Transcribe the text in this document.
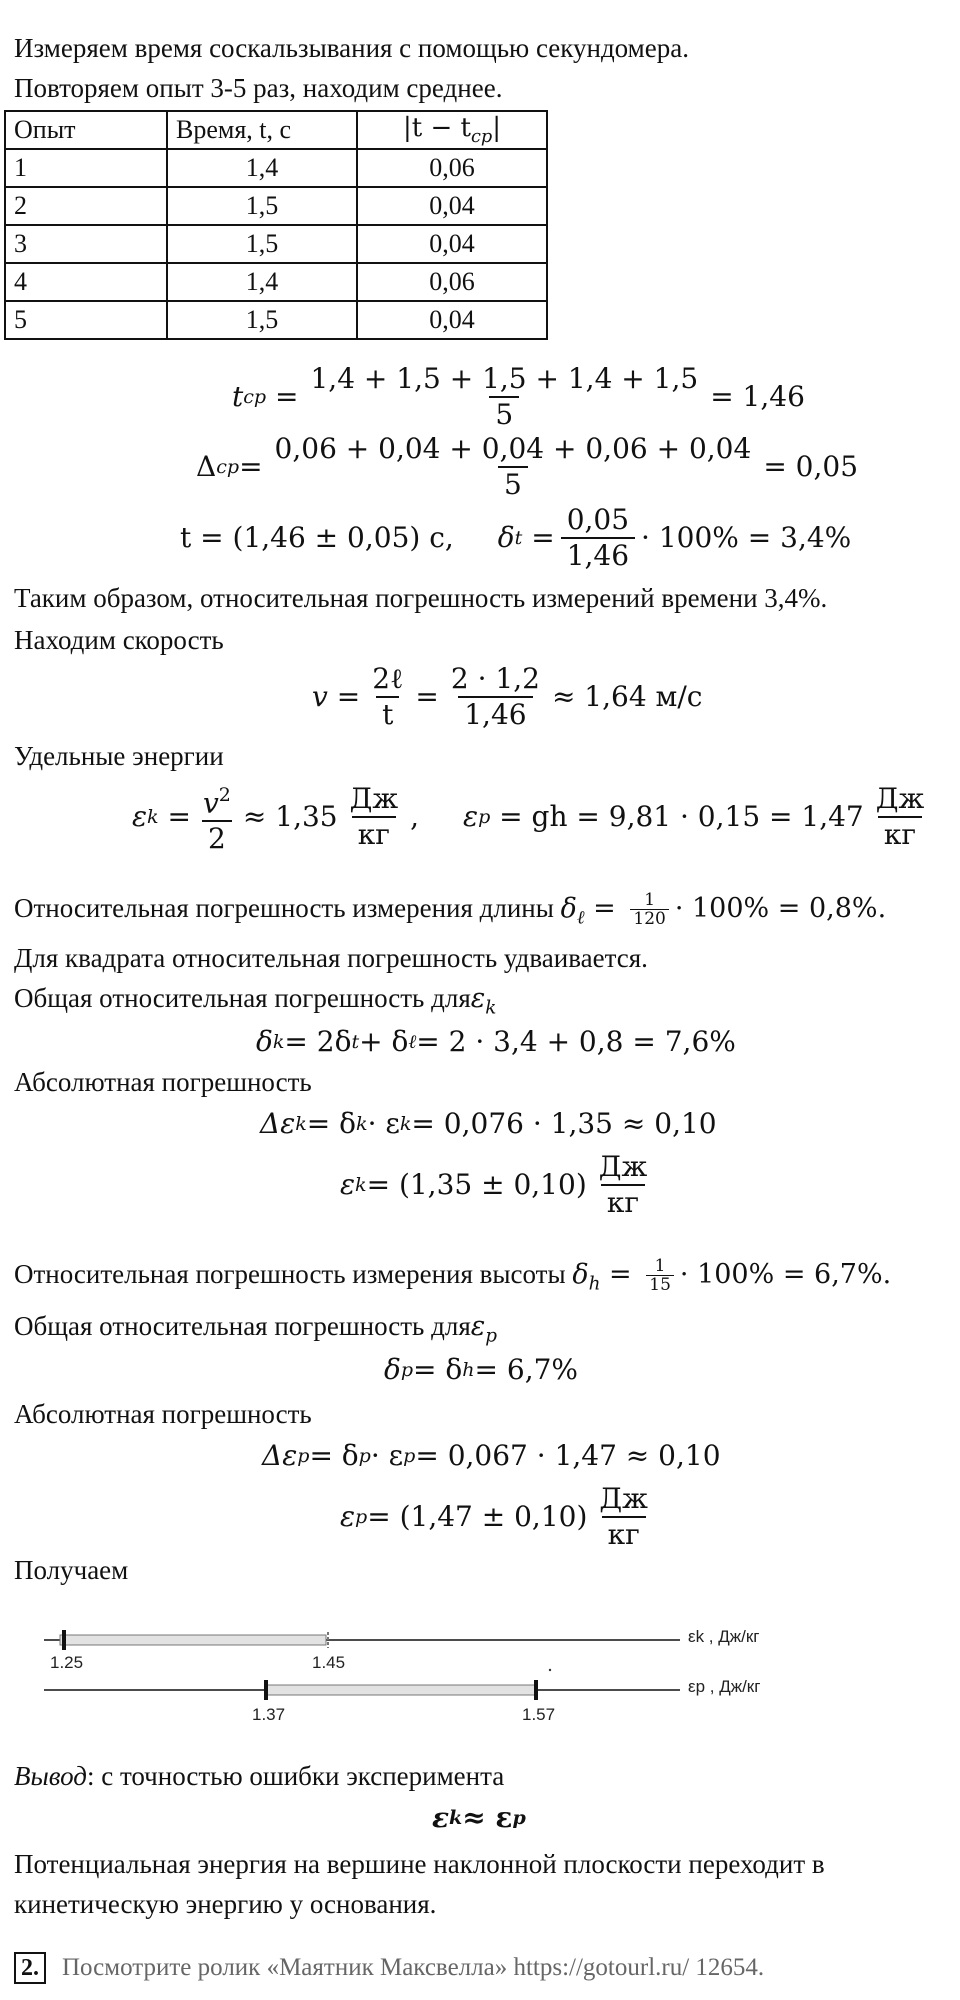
Измеряем время соскальзывания с помощью секундомера.
Повторяем опыт 3-5 раз, находим среднее.
Опыт	Время, t, с	$|t - t_{ср}|$
1	1,4	0,06
2	1,5	0,04
3	1,5	0,04
4	1,4	0,06
5	1,5	0,04
t ср = $\frac{1,4 + 1,5 + 1,5 + 1,4 + 1,5}{5} = 1,46$
Δ ср = $\frac{0,06 + 0,04 + 0,04 + 0,06 + 0,04}{5} = 0,05$
t = (1,46 ± 0,05) с, δ $t = \frac{0,05}{1,46} \cdot 100\% = 3,4\%$
Таким образом, относительная погрешность измерений времени 3,4%.
Находим скорость
$v = \frac{\text{2ℓ}}{t} = \frac{2 \cdot 1,2}{1,46} \approx 1,64$ м/с
Удельные энергии
ε $k = \frac{v^2}{2} \approx 1,35 \frac{Дж}{кг}$ , ε p
= gh = $9,81 \cdot 0,15 = 1,47 \frac{Дж}{кг}$
Относительная погрешность измерения длины $\delta_\ell = \frac{1}{120} \cdot 100\% = 0,8\%$.
Для квадрата относительная погрешность удваивается.
Общая относительная погрешность дляε$_k$
δ k = 2δ t + δ ℓ = 2 · 3,4 + 0,8 = 7,6%
Абсолютная погрешность
Δε k = δ k · ε k = 0,076 · 1,35 ≈ 0,10
ε $k = (1,35 \pm 0,10) \frac{Дж}{кг}$
Относительная погрешность измерения высоты $\delta_h = \frac{1}{15} \cdot 100\% = 6,7\%$.
Общая относительная погрешность дляε$_p$
δ p = δ h = 6,7%
Абсолютная погрешность
Δε p = δ p · ε p = 0,067 · 1,47 ≈ 0,10
ε $p = (1,47 \pm 0,10) \frac{Дж}{кг}$
Получаем
1.25	1.45
εk , Дж/кг
1.37	1.57
εp , Дж/кг
Вывод: с точностью ошибки эксперимента
ε k ≈ ε p
Потенциальная энергия на вершине наклонной плоскости переходит в
кинетическую энергию у основания.
2. Посмотрите ролик «Маятник Максвелла» https://gotourl.ru/ 12654.
